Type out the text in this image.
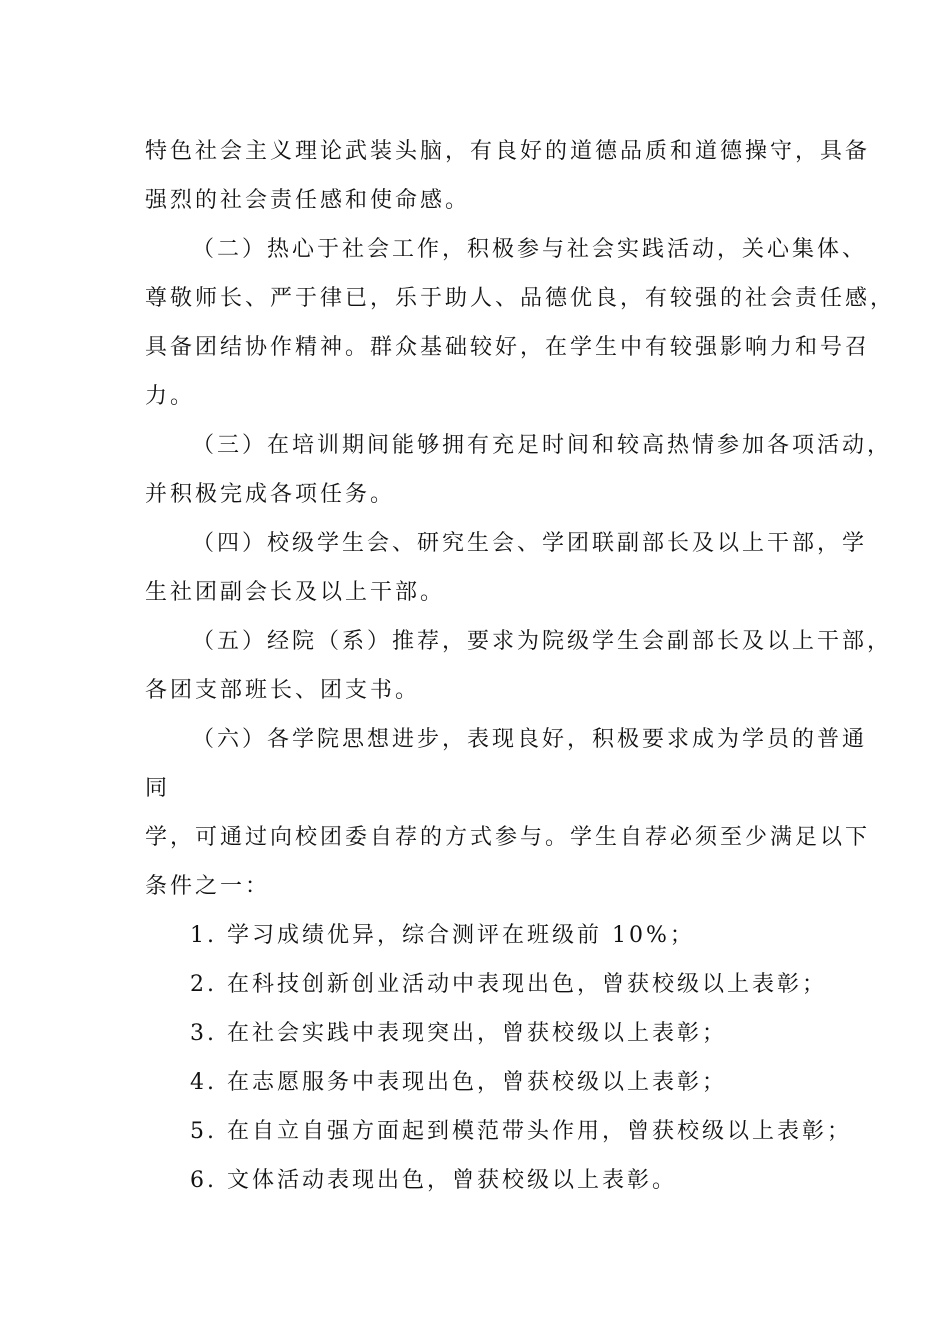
特色社会主义理论武装头脑，有良好的道德品质和道德操守，具备
强烈的社会责任感和使命感。
（二）热心于社会工作，积极参与社会实践活动，关心集体、
尊敬师长、严于律已，乐于助人、品德优良，有较强的社会责任感，
具备团结协作精神。群众基础较好，在学生中有较强影响力和号召
力。
（三）在培训期间能够拥有充足时间和较高热情参加各项活动，
并积极完成各项任务。
（四）校级学生会、研究生会、学团联副部长及以上干部，学
生社团副会长及以上干部。
（五）经院（系）推荐，要求为院级学生会副部长及以上干部，
各团支部班长、团支书。
（六）各学院思想进步，表现良好，积极要求成为学员的普通
同
学，可通过向校团委自荐的方式参与。学生自荐必须至少满足以下
条件之一：
1. 学习成绩优异，综合测评在班级前 10%；
2. 在科技创新创业活动中表现出色，曾获校级以上表彰；
3. 在社会实践中表现突出，曾获校级以上表彰；
4. 在志愿服务中表现出色，曾获校级以上表彰；
5. 在自立自强方面起到模范带头作用，曾获校级以上表彰；
6. 文体活动表现出色，曾获校级以上表彰。
